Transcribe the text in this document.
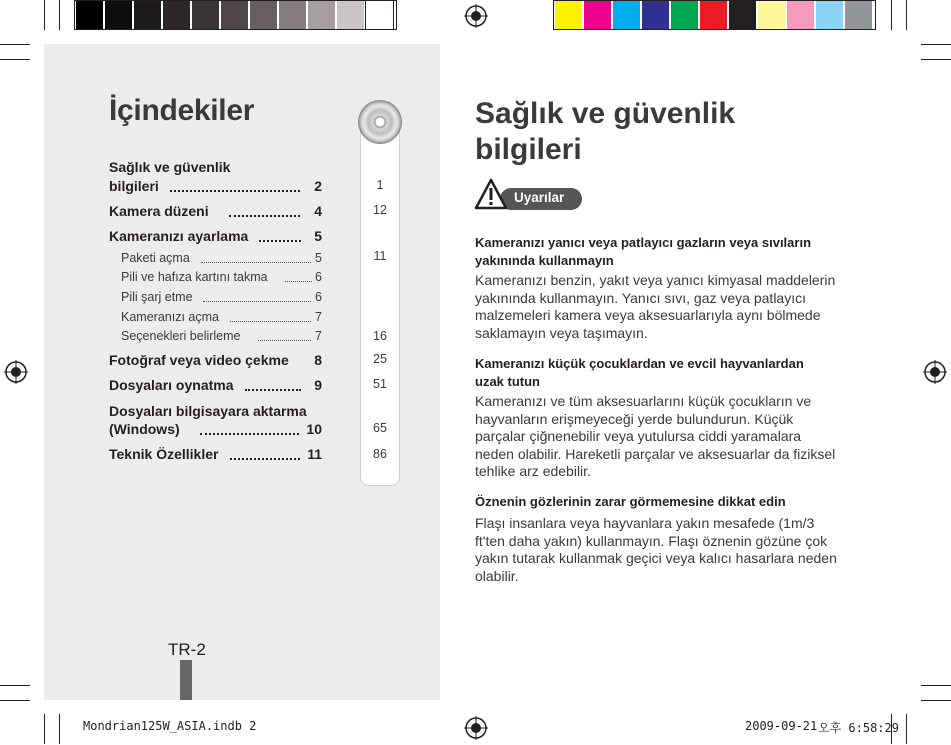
İçindekiler
Sağlık ve güvenlik
bilgileri	2
Kamera düzeni	4
Kameranızı ayarlama	5
Paketi açma	5
Pili ve hafıza kartını takma	6
Pili şarj etme	6
Kameranızı açma	7
Seçenekleri belirleme	7
Fotoğraf veya video çekme	8
Dosyaları oynatma	9
Dosyaları bilgisayara aktarma
(Windows)	10
Teknik Özellikler	11
1
12
11
16
25
51
65
86
TR-2
Sağlık ve güvenlik
bilgileri
Uyarılar
Kameranızı yanıcı veya patlayıcı gazların veya sıvıların yakınında kullanmayın
Kameranızı benzin, yakıt veya yanıcı kimyasal maddelerin yakınında kullanmayın. Yanıcı sıvı, gaz veya patlayıcı malzemeleri kamera veya aksesuarlarıyla aynı bölmede saklamayın veya taşımayın.
Kameranızı küçük çocuklardan ve evcil hayvanlardan uzak tutun
Kameranızı ve tüm aksesuarlarını küçük çocukların ve hayvanların erişmeyeceği yerde bulundurun. Küçük parçalar çiğnenebilir veya yutulursa ciddi yaramalara neden olabilir. Hareketli parçalar ve aksesuarlar da fiziksel tehlike arz edebilir.
Öznenin gözlerinin zarar görmemesine dikkat edin
Flaşı insanlara veya hayvanlara yakın mesafede (1m/3 ft'ten daha yakın) kullanmayın. Flaşı öznenin gözüne çok yakın tutarak kullanmak geçici veya kalıcı hasarlara neden olabilir.
Mondrian125W_ASIA.indb 2	2009-09-21 오후 6:58:29
